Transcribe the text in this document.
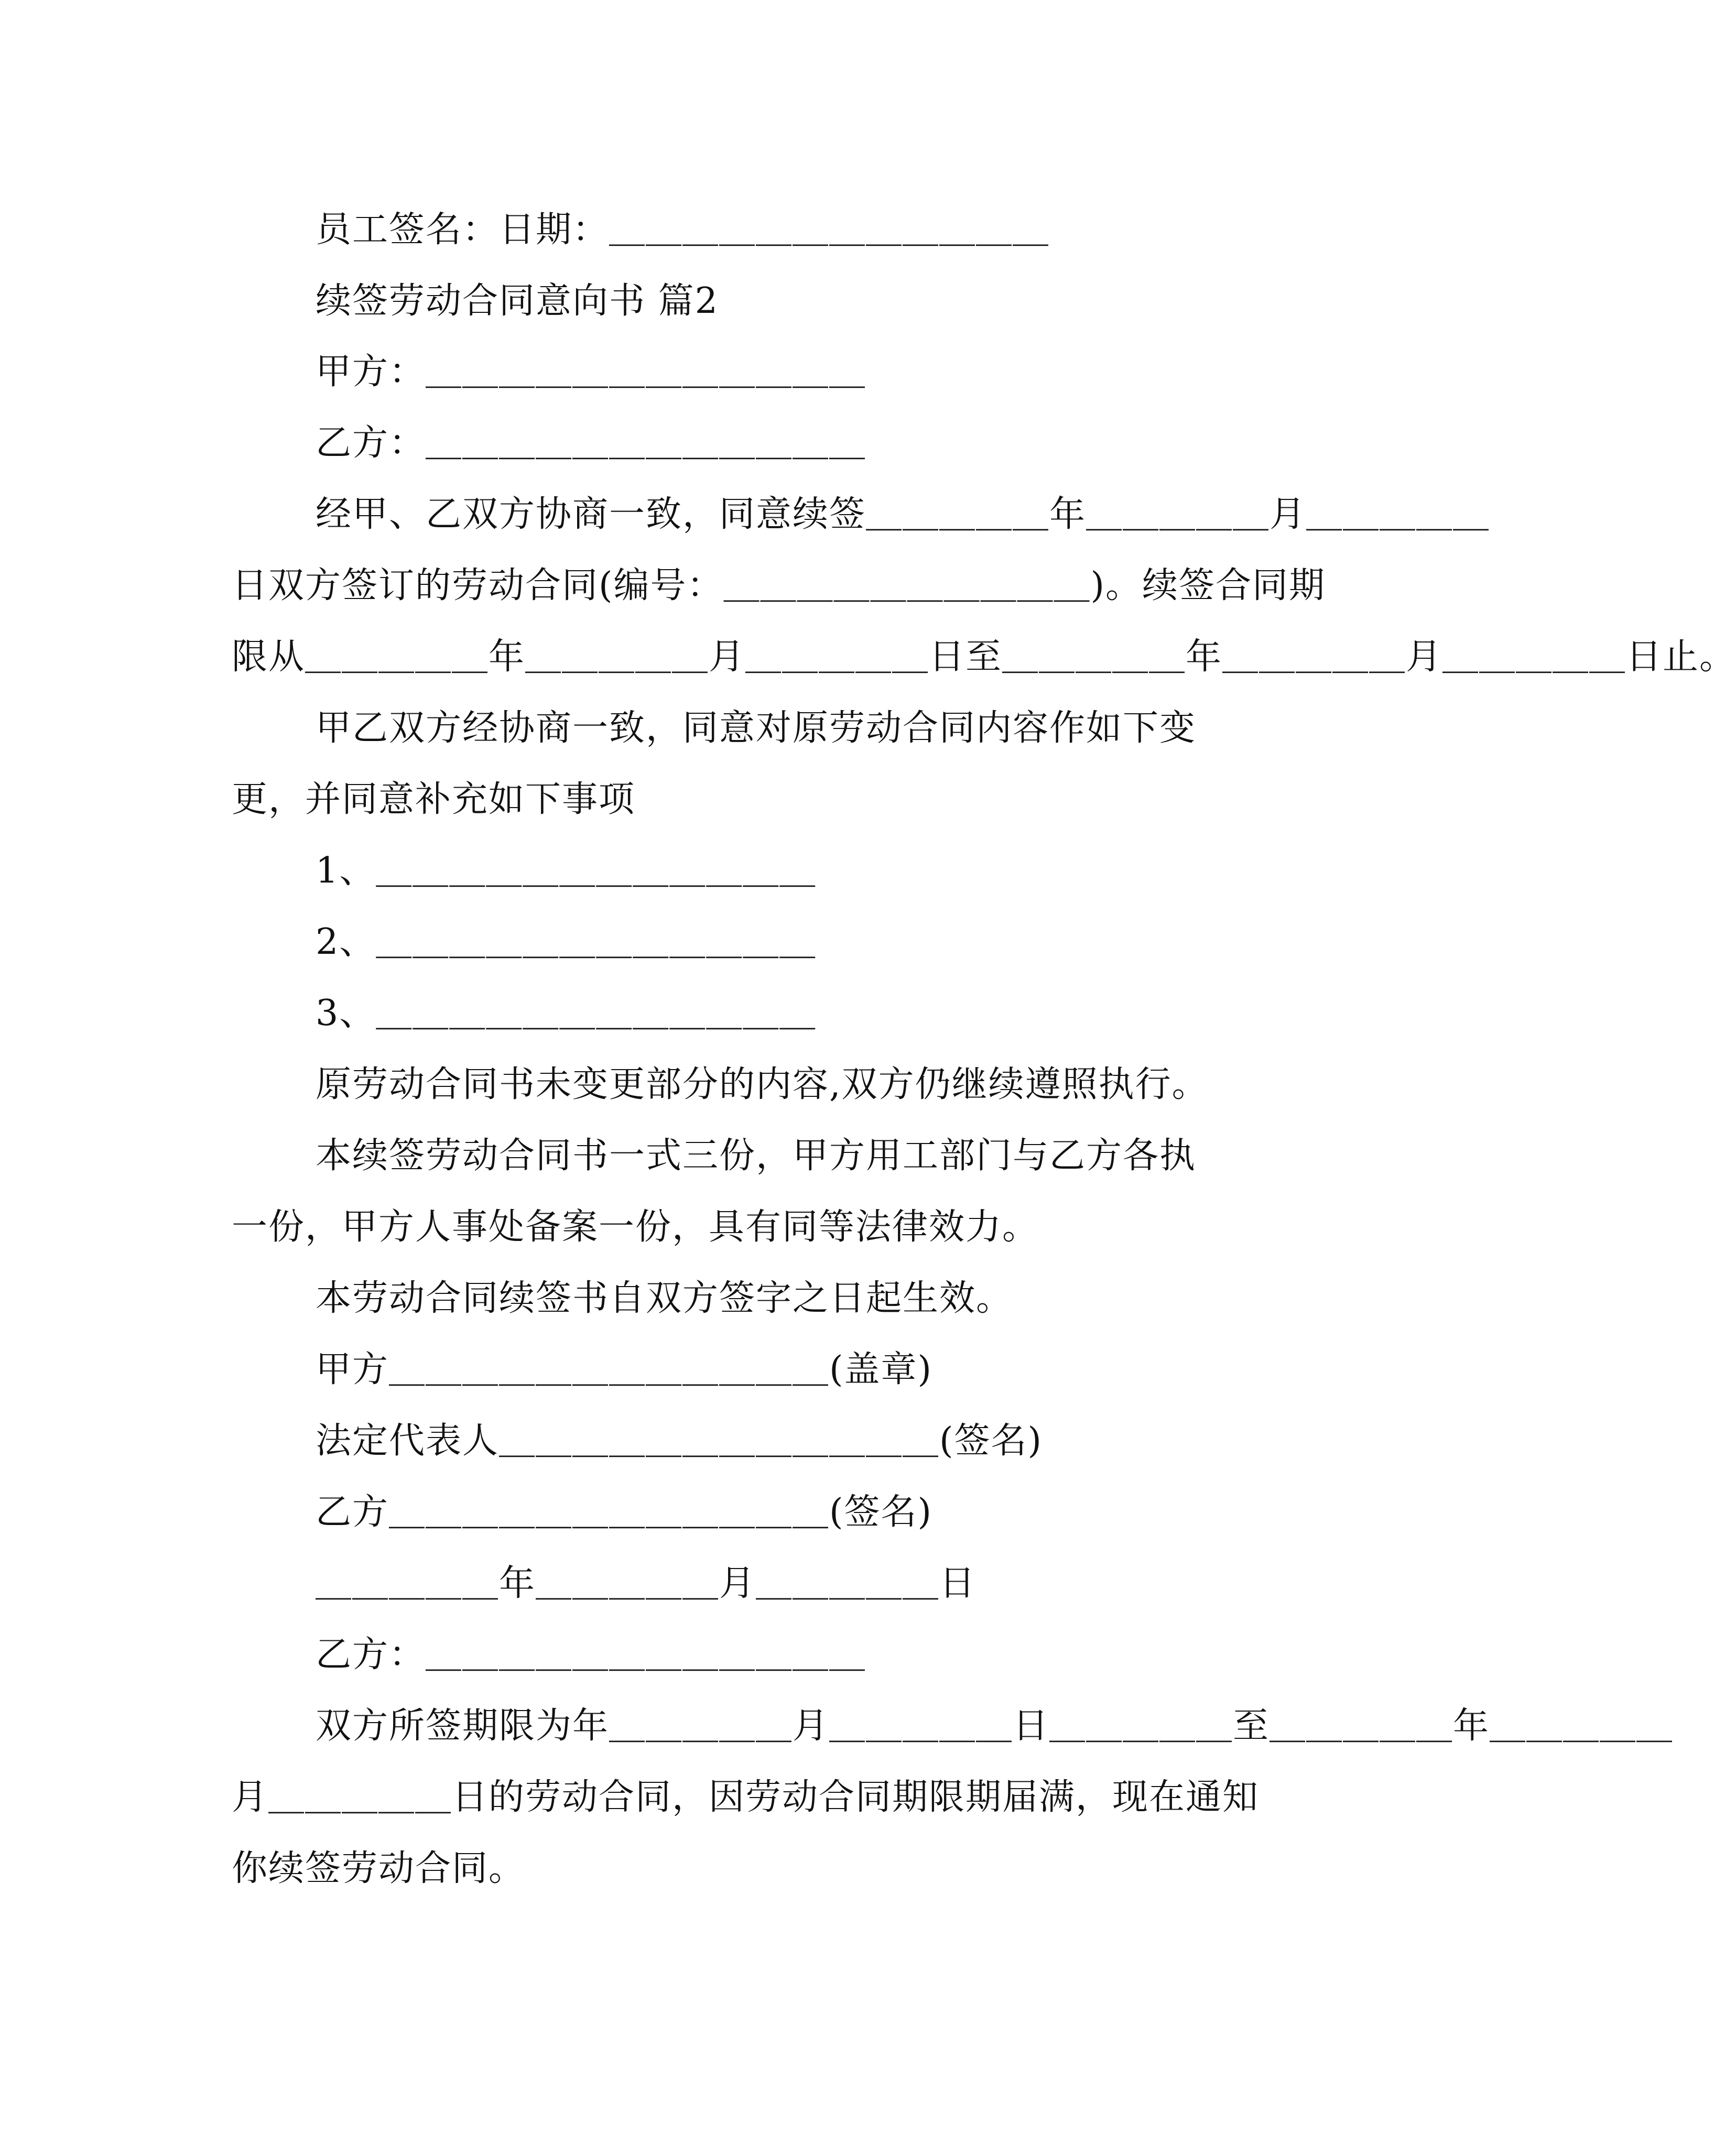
员工签名：日期：＿＿＿＿＿＿＿＿＿＿＿＿
续签劳动合同意向书 篇2
甲方：＿＿＿＿＿＿＿＿＿＿＿＿
乙方：＿＿＿＿＿＿＿＿＿＿＿＿
经甲、乙双方协商一致，同意续签＿＿＿＿＿年＿＿＿＿＿月＿＿＿＿＿
日双方签订的劳动合同(编号：＿＿＿＿＿＿＿＿＿＿)。续签合同期
限从＿＿＿＿＿年＿＿＿＿＿月＿＿＿＿＿日至＿＿＿＿＿年＿＿＿＿＿月＿＿＿＿＿日止。
甲乙双方经协商一致，同意对原劳动合同内容作如下变
更，并同意补充如下事项
1、＿＿＿＿＿＿＿＿＿＿＿＿
2、＿＿＿＿＿＿＿＿＿＿＿＿
3、＿＿＿＿＿＿＿＿＿＿＿＿
原劳动合同书未变更部分的内容,双方仍继续遵照执行。
本续签劳动合同书一式三份，甲方用工部门与乙方各执
一份，甲方人事处备案一份，具有同等法律效力。
本劳动合同续签书自双方签字之日起生效。
甲方＿＿＿＿＿＿＿＿＿＿＿＿(盖章)
法定代表人＿＿＿＿＿＿＿＿＿＿＿＿(签名)
乙方＿＿＿＿＿＿＿＿＿＿＿＿(签名)
＿＿＿＿＿年＿＿＿＿＿月＿＿＿＿＿日
乙方：＿＿＿＿＿＿＿＿＿＿＿＿
双方所签期限为年＿＿＿＿＿月＿＿＿＿＿日＿＿＿＿＿至＿＿＿＿＿年＿＿＿＿＿
月＿＿＿＿＿日的劳动合同，因劳动合同期限期届满，现在通知
你续签劳动合同。
